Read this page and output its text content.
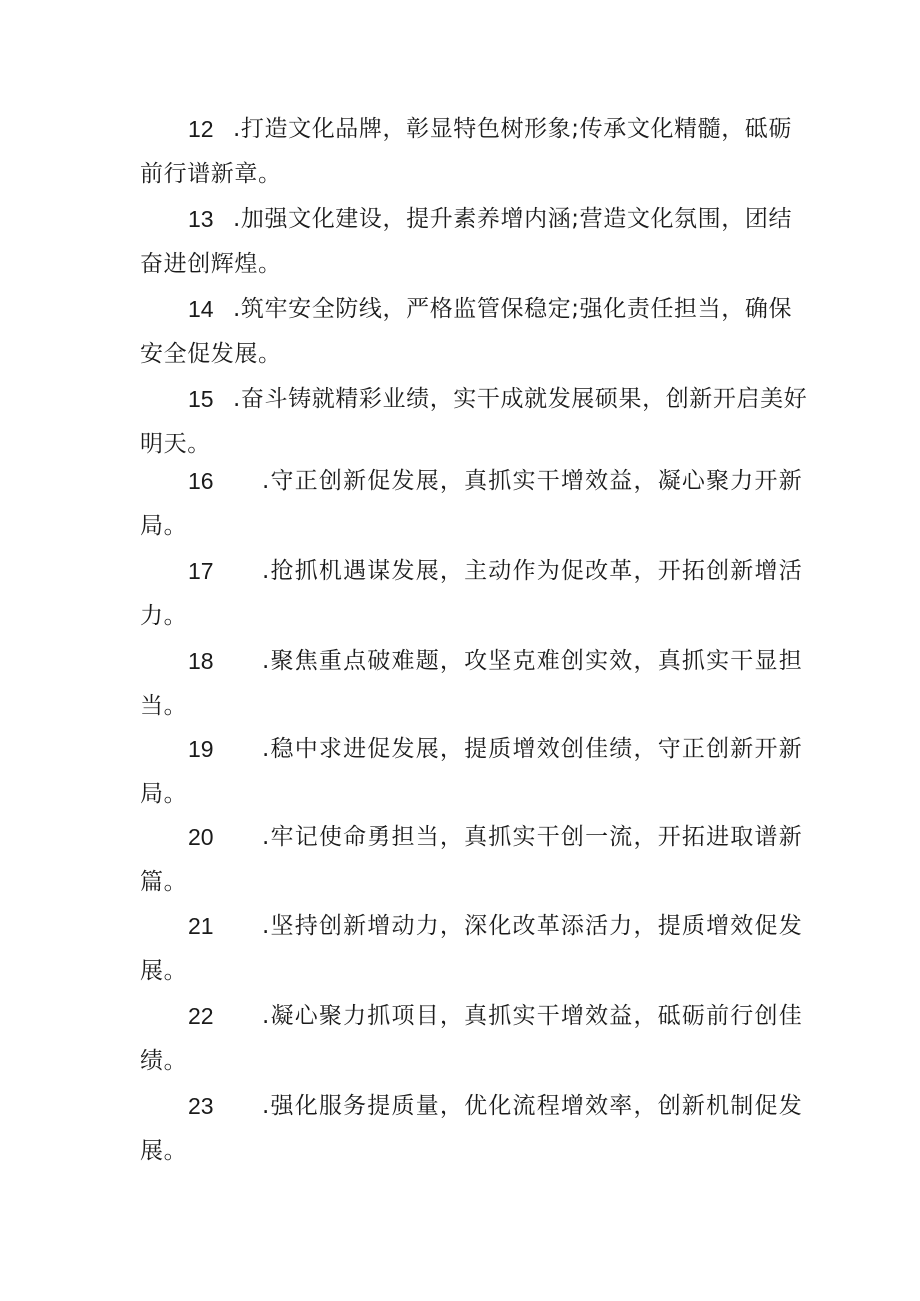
12 .打造文化品牌，彰显特色树形象;传承文化精髓，砥砺
前行谱新章。
13 .加强文化建设，提升素养增内涵;营造文化氛围，团结
奋进创辉煌。
14 .筑牢安全防线，严格监管保稳定;强化责任担当，确保
安全促发展。
15 .奋斗铸就精彩业绩，实干成就发展硕果，创新开启美好
明天。
16 .守正创新促发展，真抓实干增效益，凝心聚力开新
局。
17 .抢抓机遇谋发展，主动作为促改革，开拓创新增活
力。
18 .聚焦重点破难题，攻坚克难创实效，真抓实干显担
当。
19 .稳中求进促发展，提质增效创佳绩，守正创新开新
局。
20 .牢记使命勇担当，真抓实干创一流，开拓进取谱新
篇。
21 .坚持创新增动力，深化改革添活力，提质增效促发
展。
22 .凝心聚力抓项目，真抓实干增效益，砥砺前行创佳
绩。
23 .强化服务提质量，优化流程增效率，创新机制促发
展。
